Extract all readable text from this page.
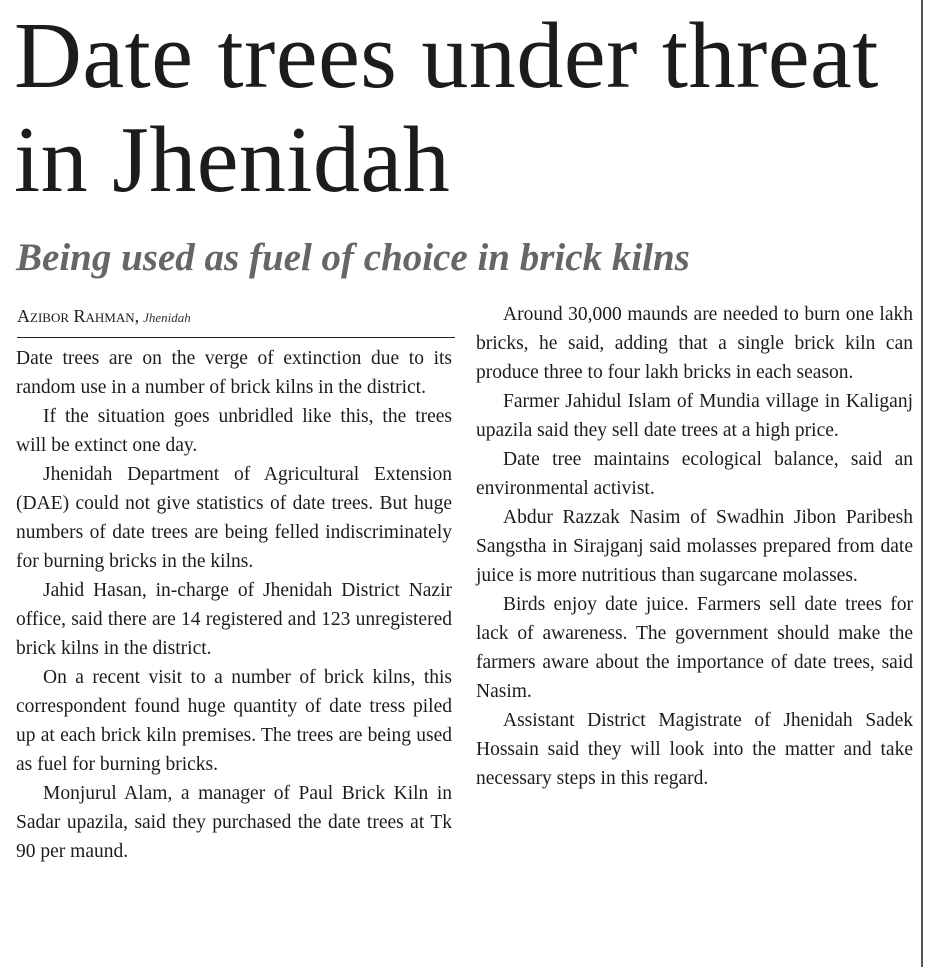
Date trees under threat in Jhenidah
Being used as fuel of choice in brick kilns
Azibor Rahman, Jhenidah

Date trees are on the verge of extinction due to its random use in a number of brick kilns in the district.

If the situation goes unbridled like this, the trees will be extinct one day.

Jhenidah Department of Agricultural Extension (DAE) could not give statistics of date trees. But huge numbers of date trees are being felled indiscriminately for burning bricks in the kilns.

Jahid Hasan, in-charge of Jhenidah District Nazir office, said there are 14 registered and 123 unregistered brick kilns in the district.

On a recent visit to a number of brick kilns, this correspondent found huge quantity of date tress piled up at each brick kiln premises. The trees are being used as fuel for burning bricks.

Monjurul Alam, a manager of Paul Brick Kiln in Sadar upazila, said they purchased the date trees at Tk 90 per maund.

Around 30,000 maunds are needed to burn one lakh bricks, he said, adding that a single brick kiln can produce three to four lakh bricks in each season.

Farmer Jahidul Islam of Mundia village in Kaliganj upazila said they sell date trees at a high price.

Date tree maintains ecological balance, said an environmental activist.

Abdur Razzak Nasim of Swadhin Jibon Paribesh Sangstha in Sirajganj said molasses prepared from date juice is more nutritious than sugarcane molasses.

Birds enjoy date juice. Farmers sell date trees for lack of awareness. The government should make the farmers aware about the importance of date trees, said Nasim.

Assistant District Magistrate of Jhenidah Sadek Hossain said they will look into the matter and take necessary steps in this regard.
